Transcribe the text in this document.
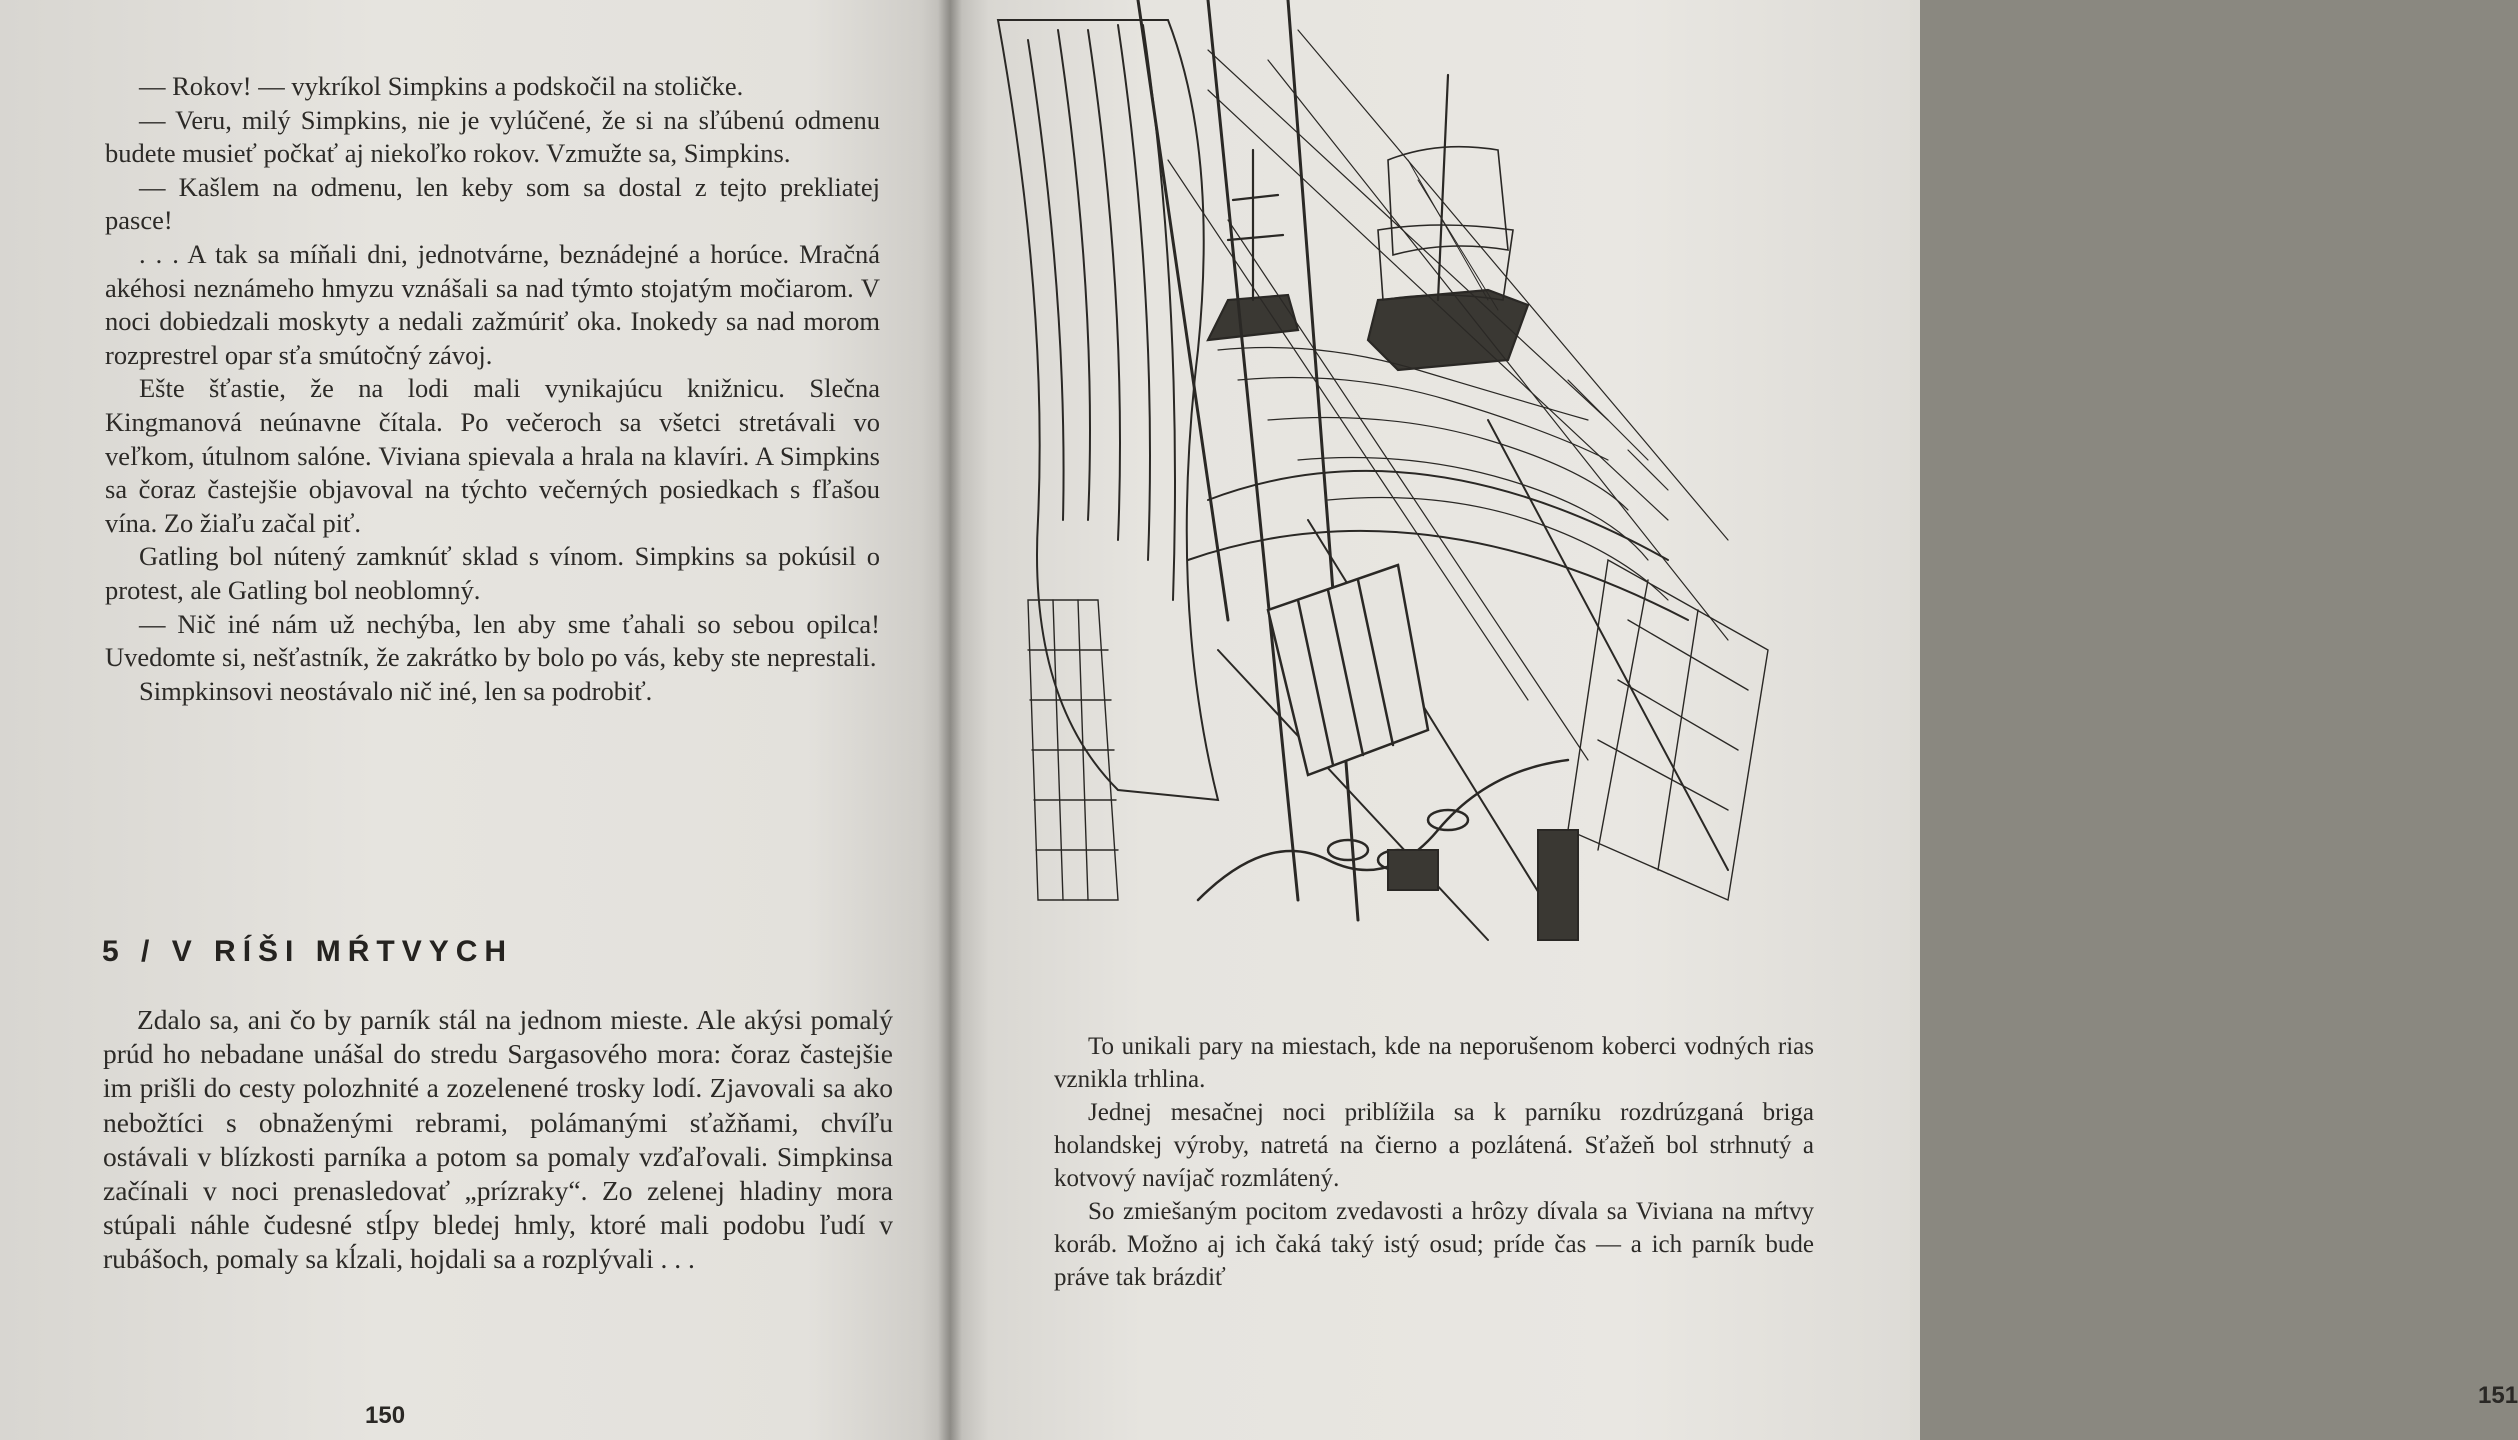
— Rokov! — vykríkol Simpkins a podskočil na stoličke.

— Veru, milý Simpkins, nie je vylúčené, že si na sľúbenú odmenu budete musieť počkať aj niekoľko rokov. Vzmužte sa, Simpkins.

— Kašlem na odmenu, len keby som sa dostal z tejto prekliatej pasce!

. . . A tak sa míňali dni, jednotvárne, beznádejné a horúce. Mračná akéhosi neznámeho hmyzu vznášali sa nad týmto stojatým močiarom. V noci dobiedzali moskyty a nedali zažmúriť oka. Inokedy sa nad morom rozprestrel opar sťa smútočný závoj.

Ešte šťastie, že na lodi mali vynikajúcu knižnicu. Slečna Kingmanová neúnavne čítala. Po večeroch sa všetci stretávali vo veľkom, útulnom salóne. Viviana spievala a hrala na klavíri. A Simpkins sa čoraz častejšie objavoval na týchto večerných posiedkach s fľašou vína. Zo žiaľu začal piť.

Gatling bol nútený zamknúť sklad s vínom. Simpkins sa pokúsil o protest, ale Gatling bol neoblomný.

— Nič iné nám už nechýba, len aby sme ťahali so sebou opilca! Uvedomte si, nešťastník, že zakrátko by bolo po vás, keby ste neprestali.

Simpkinsovi neostávalo nič iné, len sa podrobiť.

5 / V RÍŠI MŔTVYCH

Zdalo sa, ani čo by parník stál na jednom mieste. Ale akýsi pomalý prúd ho nebadane unášal do stredu Sargasového mora: čoraz častejšie im prišli do cesty polozhnité a zozelenené trosky lodí. Zjavovali sa ako nebožtíci s obnaženými rebrami, polámanými sťažňami, chvíľu ostávali v blízkosti parníka a potom sa pomaly vzďaľovali. Simpkinsa začínali v noci prenasledovať „prízraky“. Zo zelenej hladiny mora stúpali náhle čudesné stĺpy bledej hmly, ktoré mali podobu ľudí v rubášoch, pomaly sa kĺzali, hojdali sa a rozplývali . . .

150
151

To unikali pary na miestach, kde na neporušenom koberci vodných rias vznikla trhlina.

Jednej mesačnej noci priblížila sa k parníku rozdrúzganá briga holandskej výroby, natretá na čierno a pozlátená. Sťažeň bol strhnutý a kotvový navíjač rozmlátený.

So zmiešaným pocitom zvedavosti a hrôzy dívala sa Viviana na mŕtvy koráb. Možno aj ich čaká taký istý osud; príde čas — a ich parník bude práve tak brázdiť
